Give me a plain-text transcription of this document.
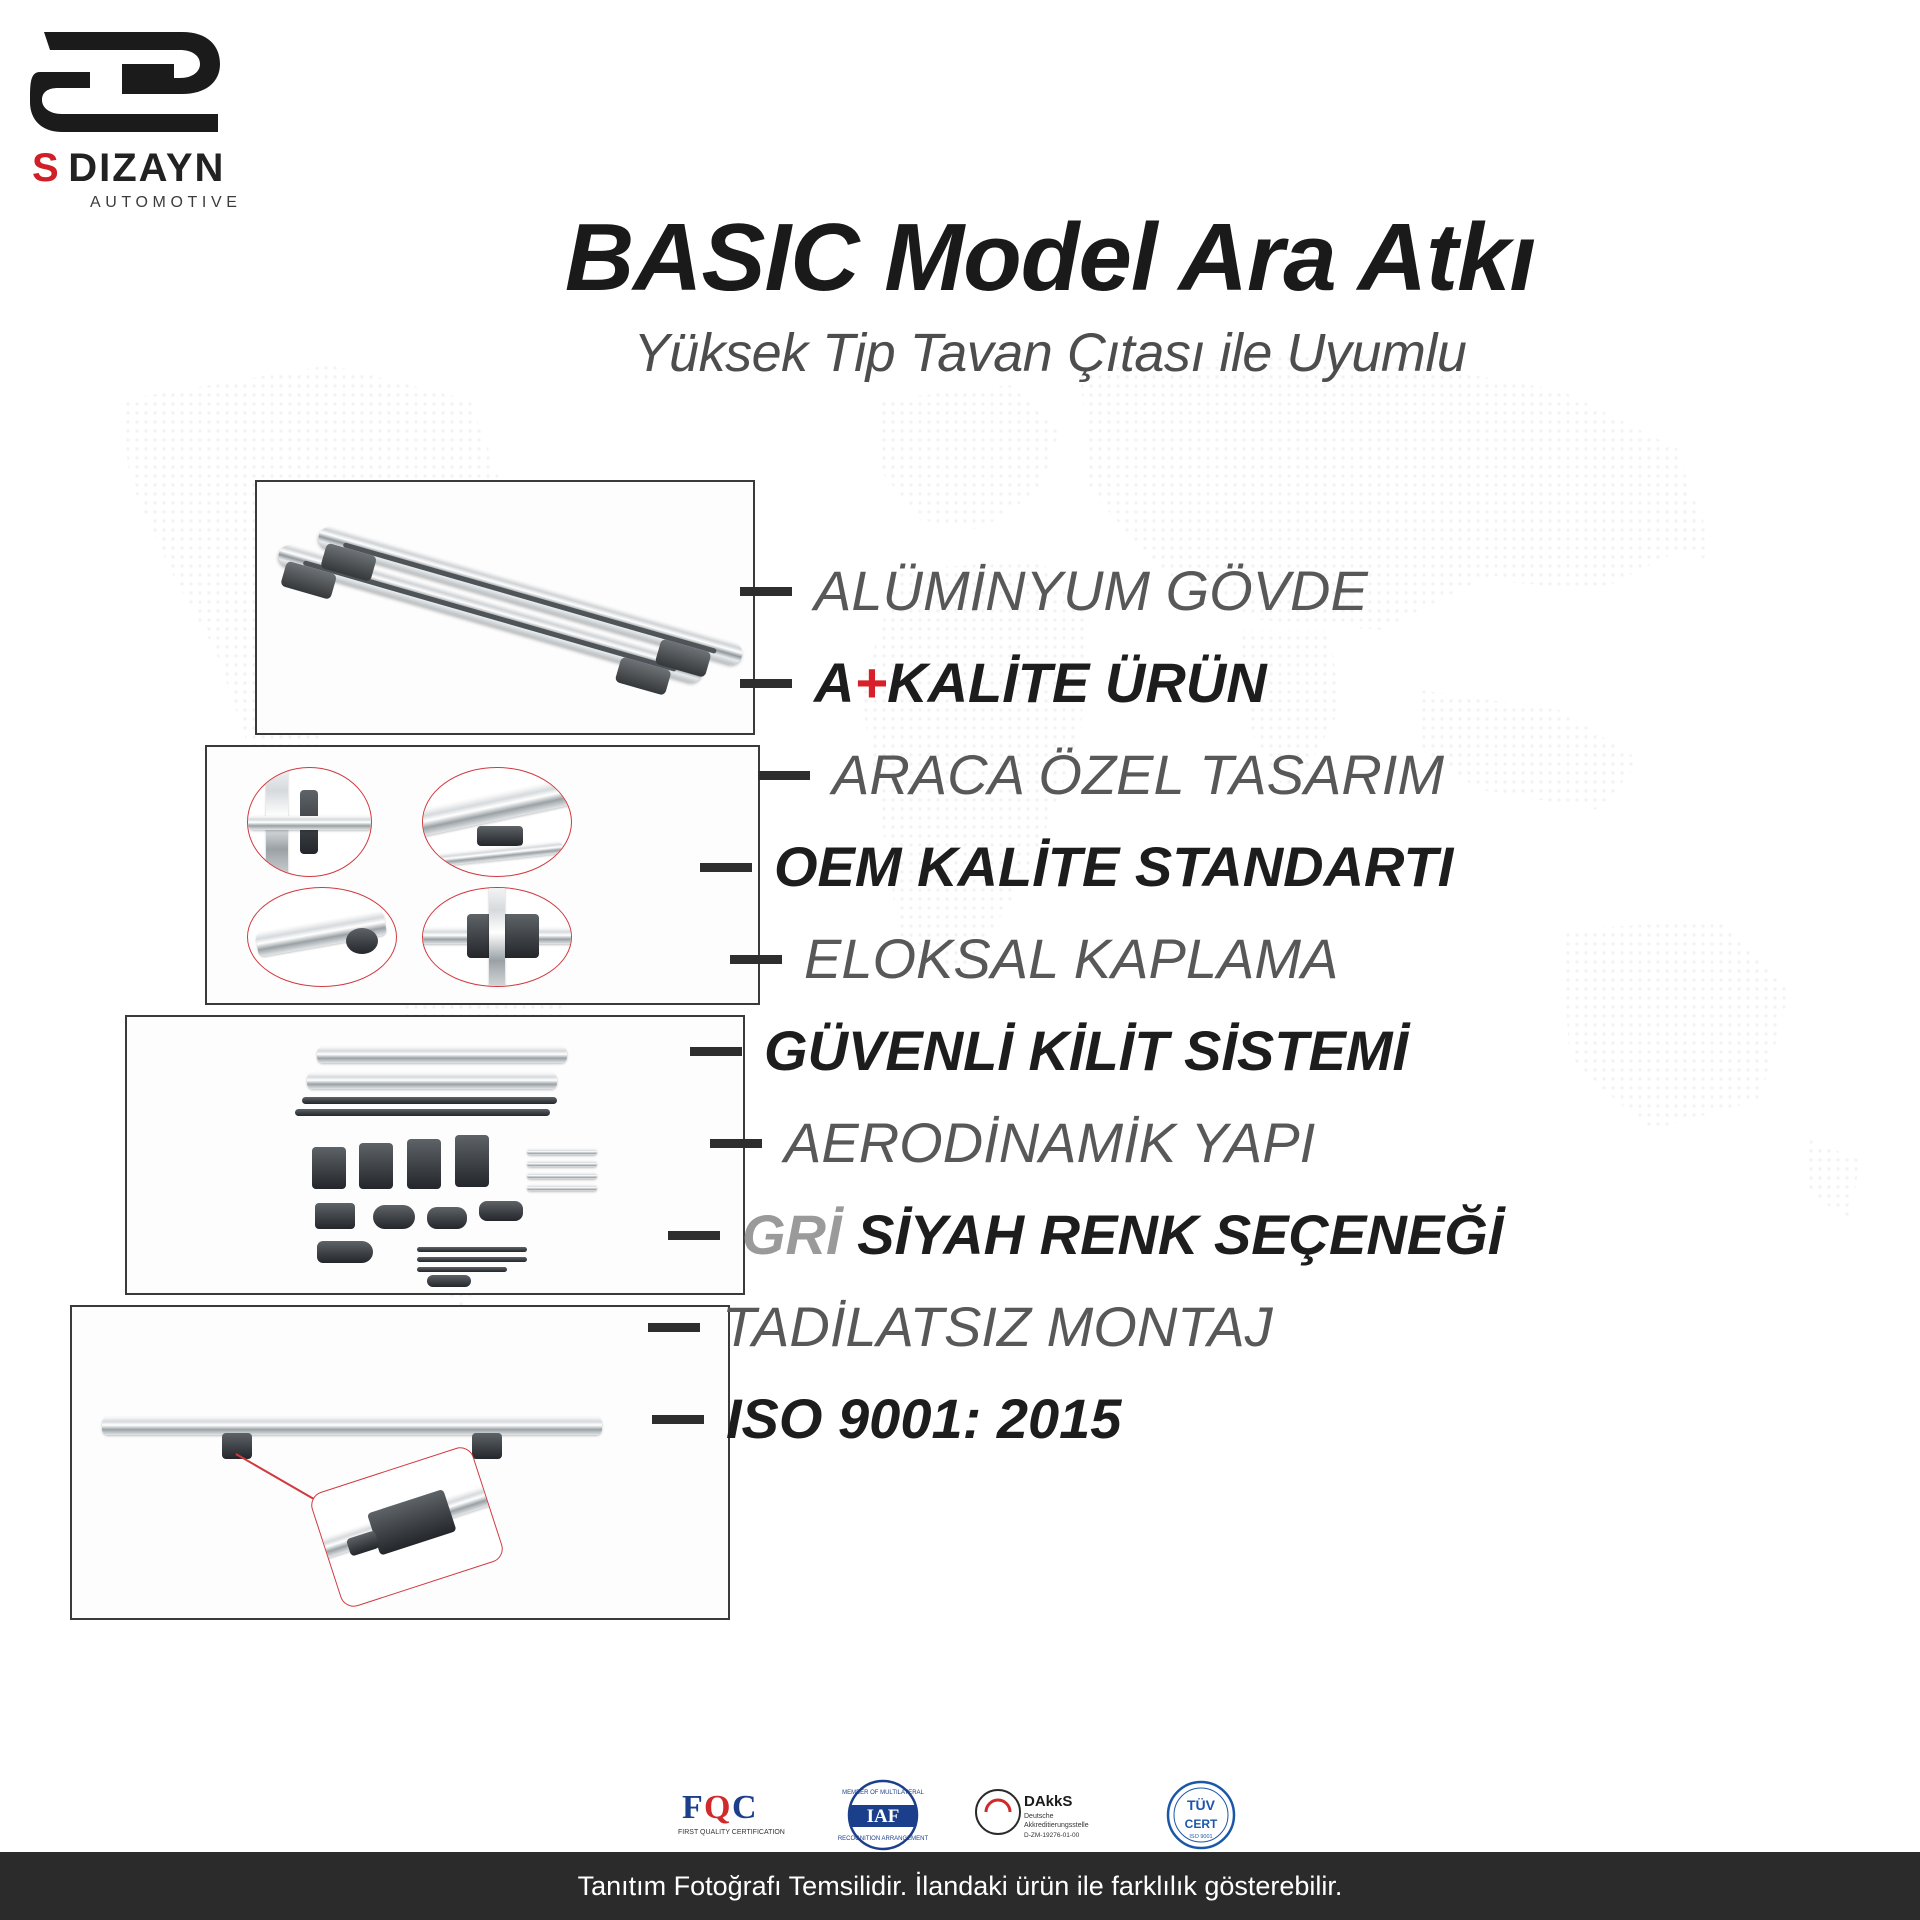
S DIZAYN
AUTOMOTIVE
BASIC Model Ara Atkı
Yüksek Tip Tavan Çıtası ile Uyumlu
ALÜMİNYUM GÖVDE
A+KALİTE ÜRÜN
ARACA ÖZEL TASARIM
OEM KALİTE STANDARTI
ELOKSAL KAPLAMA
GÜVENLİ KİLİT SİSTEMİ
AERODİNAMİK YAPI
GRİ SİYAH RENK SEÇENEĞİ
TADİLATSIZ MONTAJ
ISO 9001: 2015
F Q C
FIRST QUALITY CERTIFICATION
IAF
MEMBER OF MULTILATERAL
RECOGNITION ARRANGEMENT
DAkkS
Deutsche
Akkreditierungsstelle
D-ZM-19276-01-00
TÜV
CERT
ISO 9001
Tanıtım Fotoğrafı Temsilidir. İlandaki ürün ile farklılık gösterebilir.
